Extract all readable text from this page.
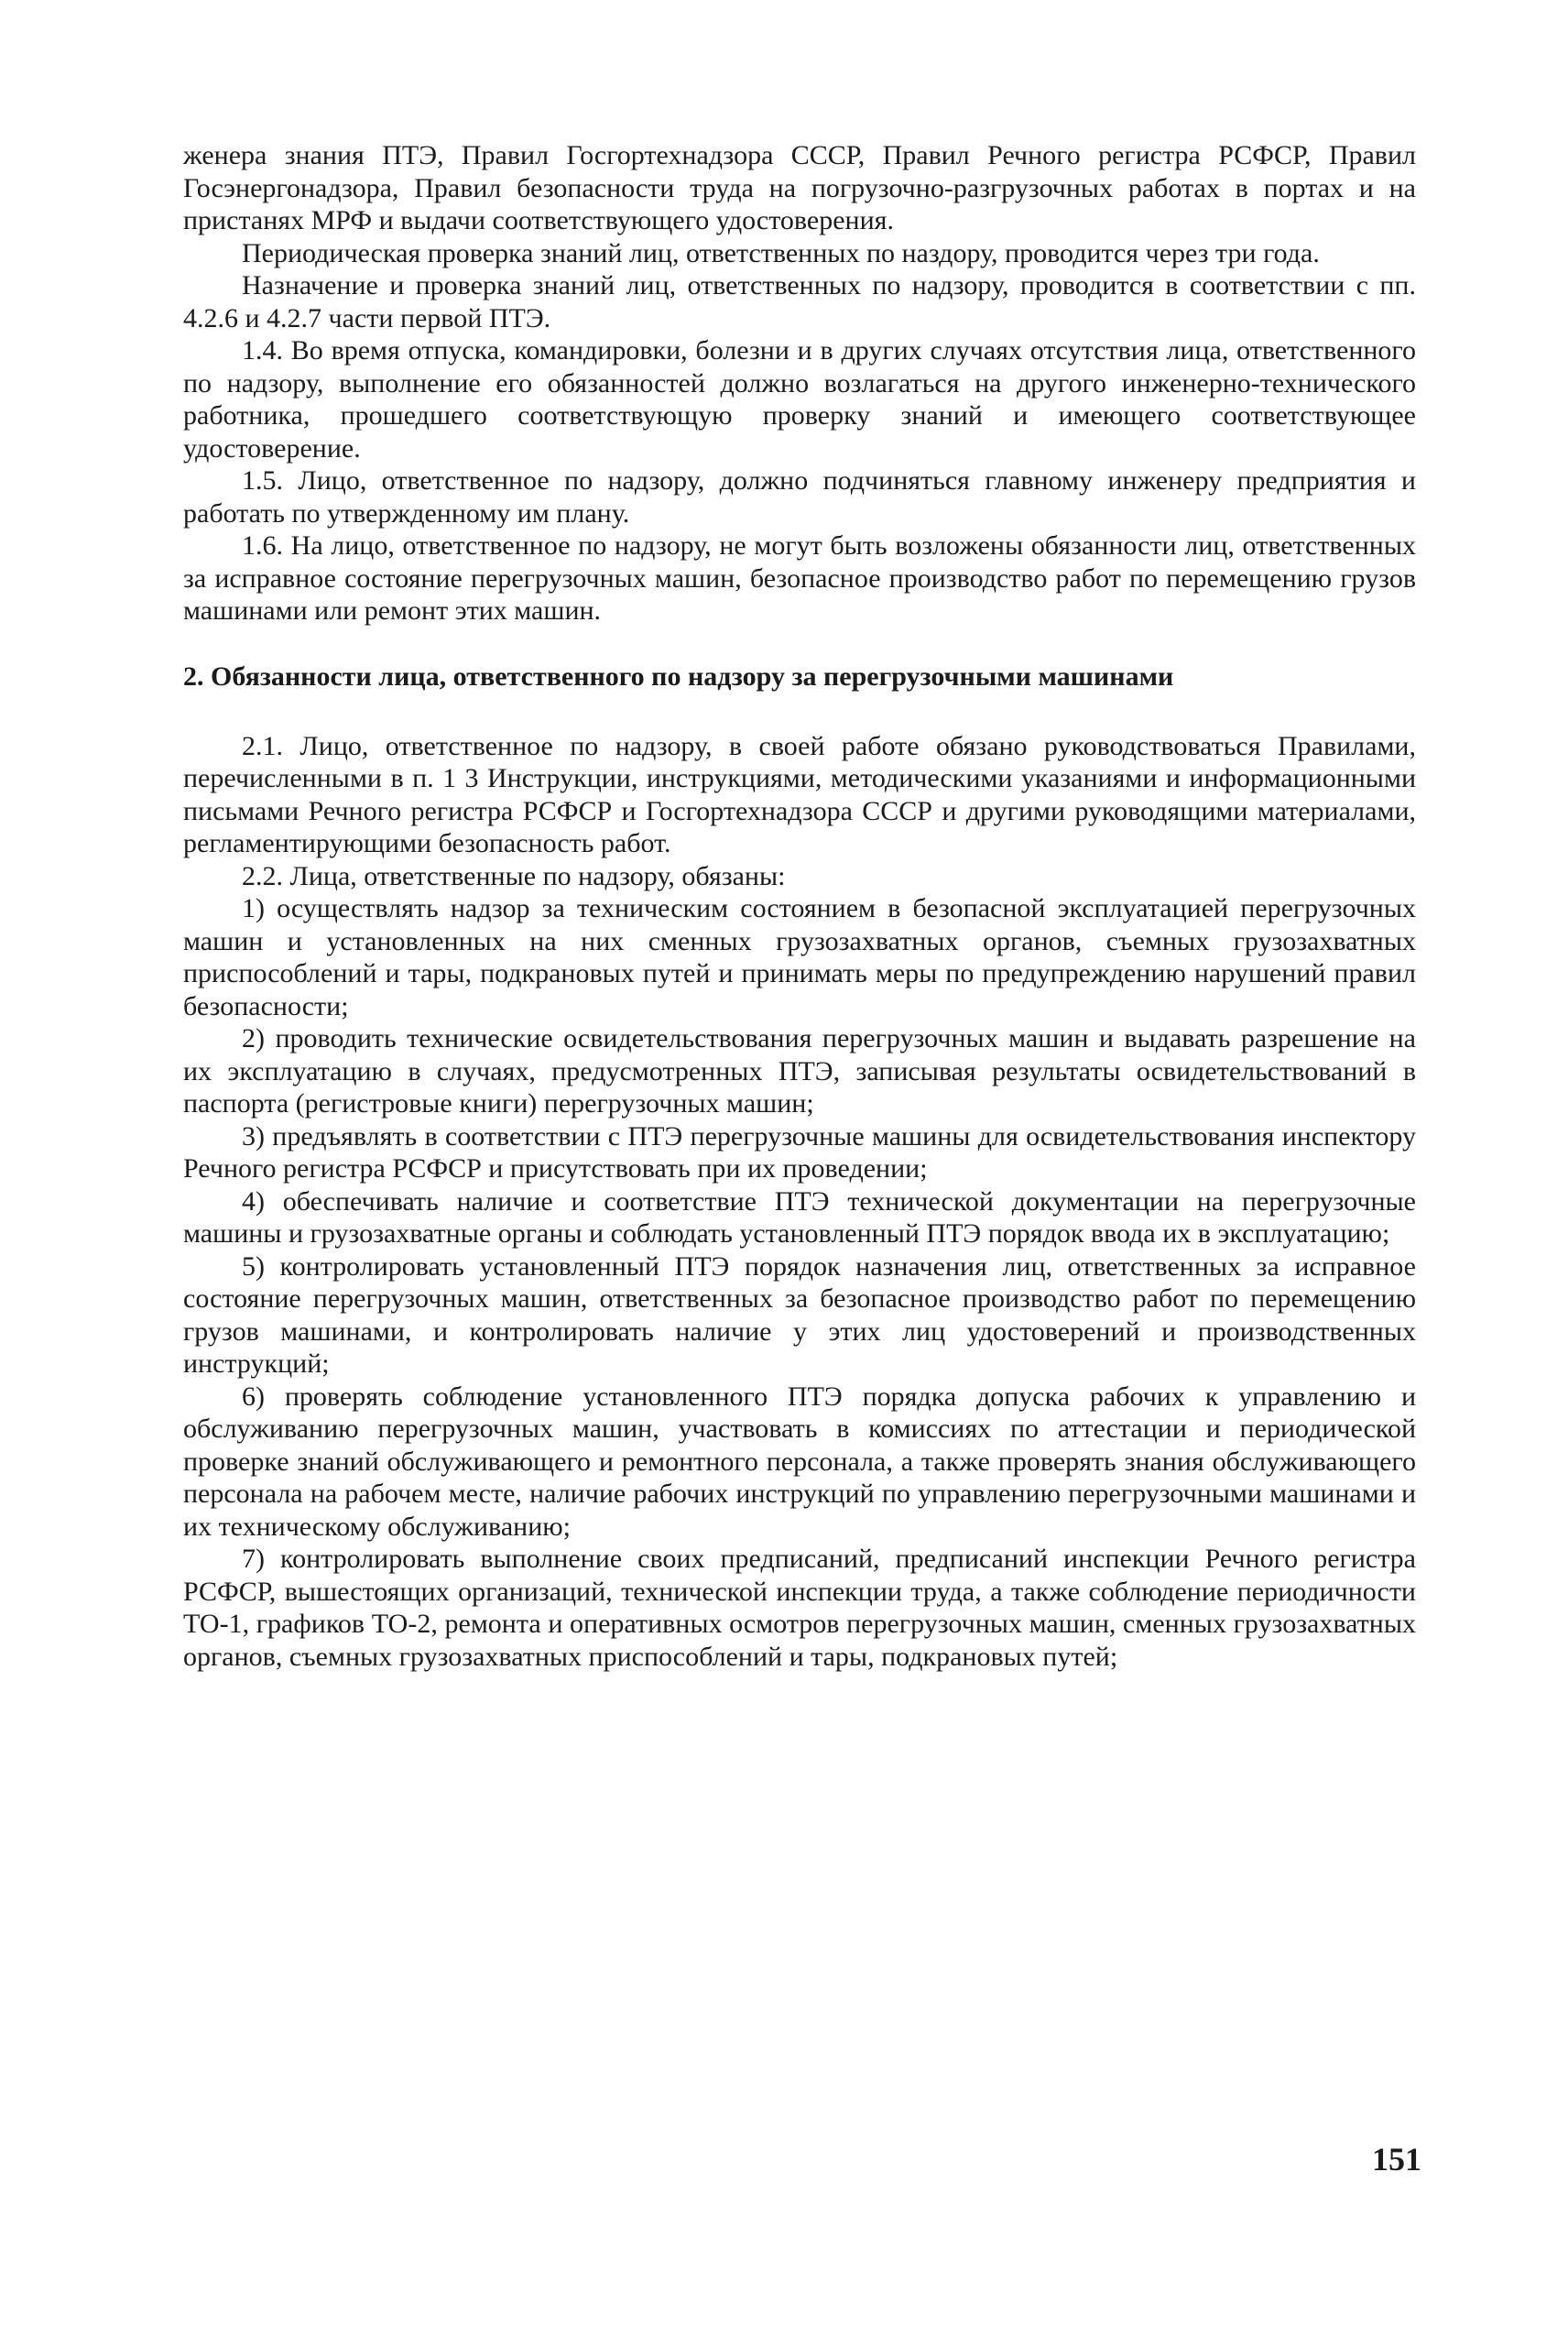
женера знания ПТЭ, Правил Госгортехнадзора СССР, Правил Речного регистра РСФСР, Правил Госэнергонадзора, Правил безопасности труда на погрузочно-разгрузочных работах в портах и на пристанях МРФ и выдачи соответствующего удостоверения.

Периодическая проверка знаний лиц, ответственных по наздору, проводится через три года.

Назначение и проверка знаний лиц, ответственных по надзору, проводится в соответствии с пп. 4.2.6 и 4.2.7 части первой ПТЭ.

1.4. Во время отпуска, командировки, болезни и в других случаях отсутствия лица, ответственного по надзору, выполнение его обязанностей должно возлагаться на другого инженерно-технического работника, прошедшего соответствующую проверку знаний и имеющего соответствующее удостоверение.

1.5. Лицо, ответственное по надзору, должно подчиняться главному инженеру предприятия и работать по утвержденному им плану.

1.6. На лицо, ответственное по надзору, не могут быть возложены обязанности лиц, ответственных за исправное состояние перегрузочных машин, безопасное производство работ по перемещению грузов машинами или ремонт этих машин.

2. Обязанности лица, ответственного по надзору за перегрузочными машинами

2.1. Лицо, ответственное по надзору, в своей работе обязано руководствоваться Правилами, перечисленными в п. 1 3 Инструкции, инструкциями, методическими указаниями и информационными письмами Речного регистра РСФСР и Госгортехнадзора СССР и другими руководящими материалами, регламентирующими безопасность работ.

2.2. Лица, ответственные по надзору, обязаны:

1) осуществлять надзор за техническим состоянием в безопасной эксплуатацией перегрузочных машин и установленных на них сменных грузозахватных органов, съемных грузозахватных приспособлений и тары, подкрановых путей и принимать меры по предупреждению нарушений правил безопасности;

2) проводить технические освидетельствования перегрузочных машин и выдавать разрешение на их эксплуатацию в случаях, предусмотренных ПТЭ, записывая результаты освидетельствований в паспорта (регистровые книги) перегрузочных машин;

3) предъявлять в соответствии с ПТЭ перегрузочные машины для освидетельствования инспектору Речного регистра РСФСР и присутствовать при их проведении;

4) обеспечивать наличие и соответствие ПТЭ технической документации на перегрузочные машины и грузозахватные органы и соблюдать установленный ПТЭ порядок ввода их в эксплуатацию;

5) контролировать установленный ПТЭ порядок назначения лиц, ответственных за исправное состояние перегрузочных машин, ответственных за безопасное производство работ по перемещению грузов машинами, и контролировать наличие у этих лиц удостоверений и производственных инструкций;

6) проверять соблюдение установленного ПТЭ порядка допуска рабочих к управлению и обслуживанию перегрузочных машин, участвовать в комиссиях по аттестации и периодической проверке знаний обслуживающего и ремонтного персонала, а также проверять знания обслуживающего персонала на рабочем месте, наличие рабочих инструкций по управлению перегрузочными машинами и их техническому обслуживанию;

7) контролировать выполнение своих предписаний, предписаний инспекции Речного регистра РСФСР, вышестоящих организаций, технической инспекции труда, а также соблюдение периодичности ТО-1, графиков ТО-2, ремонта и оперативных осмотров перегрузочных машин, сменных грузозахватных органов, съемных грузозахватных приспособлений и тары, подкрановых путей;

151
